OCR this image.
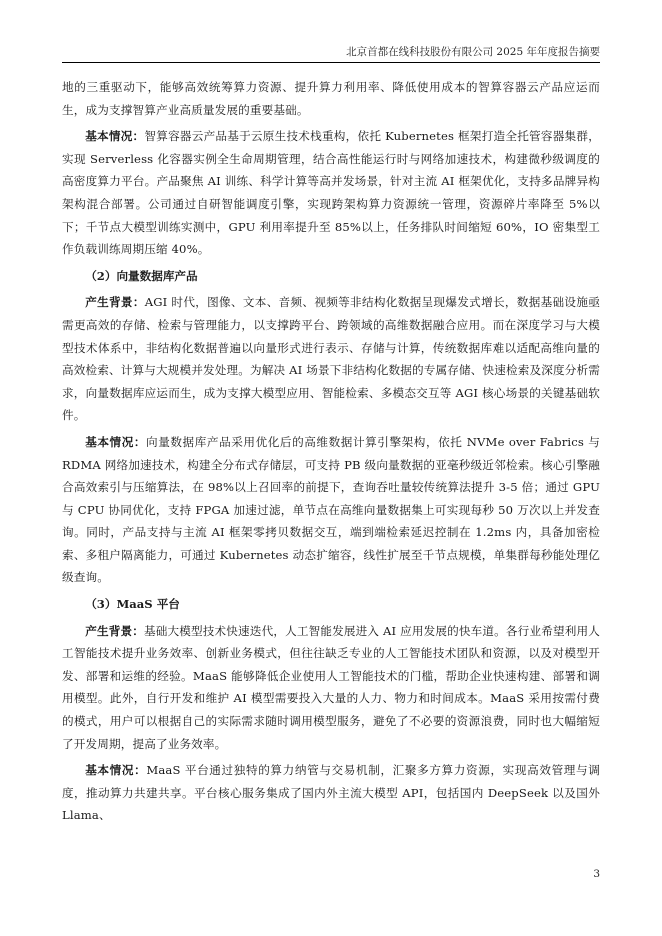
北京首都在线科技股份有限公司 2025 年年度报告摘要

地的三重驱动下，能够高效统筹算力资源、提升算力利用率、降低使用成本的智算容器云产品应运而生，成为支撑智算产业高质量发展的重要基础。

基本情况：智算容器云产品基于云原生技术栈重构，依托 Kubernetes 框架打造全托管容器集群，实现 Serverless 化容器实例全生命周期管理，结合高性能运行时与网络加速技术，构建微秒级调度的高密度算力平台。产品聚焦 AI 训练、科学计算等高并发场景，针对主流 AI 框架优化，支持多品牌异构架构混合部署。公司通过自研智能调度引擎，实现跨架构算力资源统一管理，资源碎片率降至 5%以下；千节点大模型训练实测中，GPU 利用率提升至 85%以上，任务排队时间缩短 60%，IO 密集型工作负载训练周期压缩 40%。

（2）向量数据库产品

产生背景：AGI 时代，图像、文本、音频、视频等非结构化数据呈现爆发式增长，数据基础设施亟需更高效的存储、检索与管理能力，以支撑跨平台、跨领域的高维数据融合应用。而在深度学习与大模型技术体系中，非结构化数据普遍以向量形式进行表示、存储与计算，传统数据库难以适配高维向量的高效检索、计算与大规模并发处理。为解决 AI 场景下非结构化数据的专属存储、快速检索及深度分析需求，向量数据库应运而生，成为支撑大模型应用、智能检索、多模态交互等 AGI 核心场景的关键基础软件。

基本情况：向量数据库产品采用优化后的高维数据计算引擎架构，依托 NVMe over Fabrics 与 RDMA 网络加速技术，构建全分布式存储层，可支持 PB 级向量数据的亚毫秒级近邻检索。核心引擎融合高效索引与压缩算法，在 98%以上召回率的前提下，查询吞吐量较传统算法提升 3-5 倍；通过 GPU 与 CPU 协同优化，支持 FPGA 加速过滤，单节点在高维向量数据集上可实现每秒 50 万次以上并发查询。同时，产品支持与主流 AI 框架零拷贝数据交互，端到端检索延迟控制在 1.2ms 内，具备加密检索、多租户隔离能力，可通过 Kubernetes 动态扩缩容，线性扩展至千节点规模，单集群每秒能处理亿级查询。

（3）MaaS 平台

产生背景：基础大模型技术快速迭代，人工智能发展进入 AI 应用发展的快车道。各行业希望利用人工智能技术提升业务效率、创新业务模式，但往往缺乏专业的人工智能技术团队和资源，以及对模型开发、部署和运维的经验。MaaS 能够降低企业使用人工智能技术的门槛，帮助企业快速构建、部署和调用模型。此外，自行开发和维护 AI 模型需要投入大量的人力、物力和时间成本。MaaS 采用按需付费的模式，用户可以根据自己的实际需求随时调用模型服务，避免了不必要的资源浪费，同时也大幅缩短了开发周期，提高了业务效率。

基本情况：MaaS 平台通过独特的算力纳管与交易机制，汇聚多方算力资源，实现高效管理与调度，推动算力共建共享。平台核心服务集成了国内外主流大模型 API，包括国内 DeepSeek 以及国外 Llama、

3
